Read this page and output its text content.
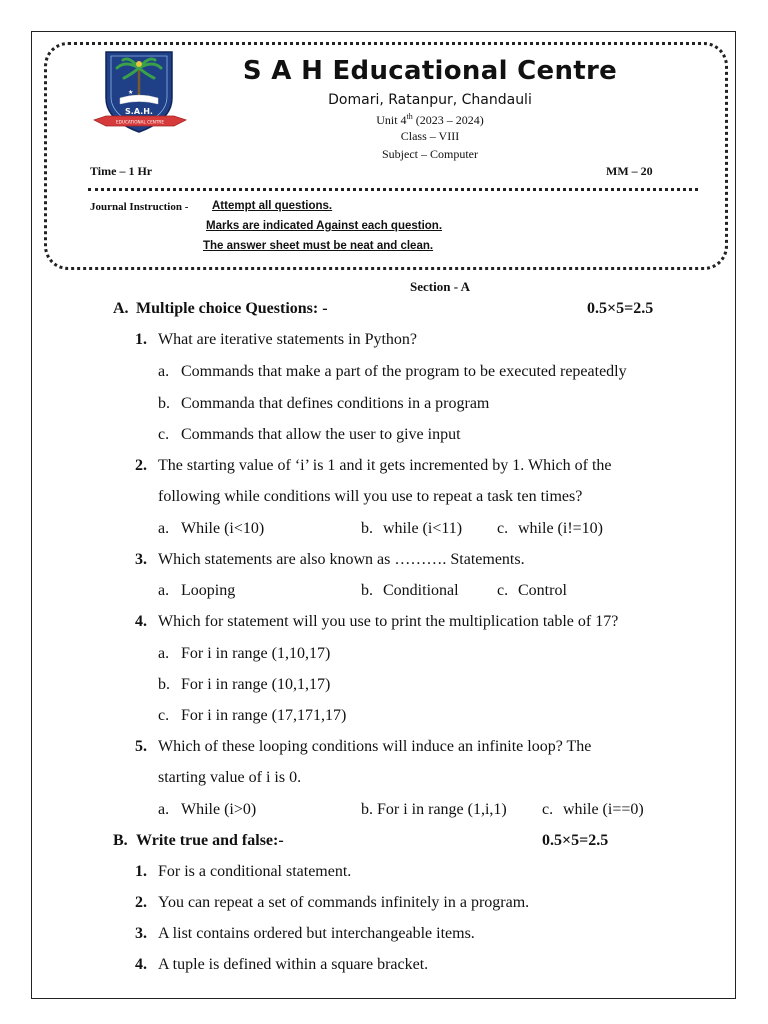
★
S.A.H.
EDUCATIONAL CENTRE
S A H Educational Centre
Domari, Ratanpur, Chandauli
Unit 4th (2023 – 2024)
Class – VIII
Subject – Computer
Time – 1 Hr	MM – 20
Journal Instruction - Attempt all questions.
Marks are indicated Against each question.
The answer sheet must be neat and clean.
Section - A
A. Multiple choice Questions: -	0.5×5=2.5
1. What are iterative statements in Python?
a. Commands that make a part of the program to be executed repeatedly
b. Commanda that defines conditions in a program
c. Commands that allow the user to give input
2. The starting value of ‘i’ is 1 and it gets incremented by 1. Which of the
following while conditions will you use to repeat a task ten times?
a. While (i<10)	b. while (i<11) c. while (i!=10)
3. Which statements are also known as ………. Statements.
a. Looping	b. Conditional c. Control
4. Which for statement will you use to print the multiplication table of 17?
a. For i in range (1,10,17)
b. For i in range (10,1,17)
c. For i in range (17,171,17)
5. Which of these looping conditions will induce an infinite loop? The
starting value of i is 0.
a. While (i>0)	b. For i in range (1,i,1) c. while (i==0)
B. Write true and false:-	0.5×5=2.5
1. For is a conditional statement.
2. You can repeat a set of commands infinitely in a program.
3. A list contains ordered but interchangeable items.
4. A tuple is defined within a square bracket.
